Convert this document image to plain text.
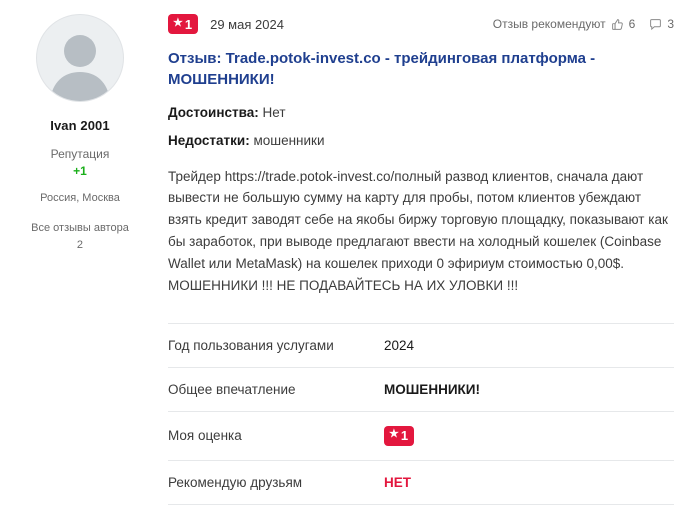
Ivan 2001
Репутация
+1
Россия, Москва
Все отзывы автора
2
★ 1 29 мая 2024	Отзыв рекомендуют 6	3
Отзыв: Trade.potok-invest.co - трейдинговая платформа - МОШЕННИКИ!
Достоинства: Нет
Недостатки: мошенники
Трейдер https://trade.potok-invest.co/полный развод клиентов, сначала дают вывести не большую сумму на карту для пробы, потом клиентов убеждают взять кредит заводят себе на якобы биржу торговую площадку, показывают как бы заработок, при выводе предлагают ввести на холодный кошелек (Coinbase Wallet или MetaMask) на кошелек приходи 0 эфириум стоимостью 0,00$. МОШЕННИКИ !!! НЕ ПОДАВАЙТЕСЬ НА ИХ УЛОВКИ !!!
Год пользования услугами	2024
Общее впечатление	МОШЕННИКИ!
Моя оценка	★ 1

Рекомендую друзьям	НЕТ
